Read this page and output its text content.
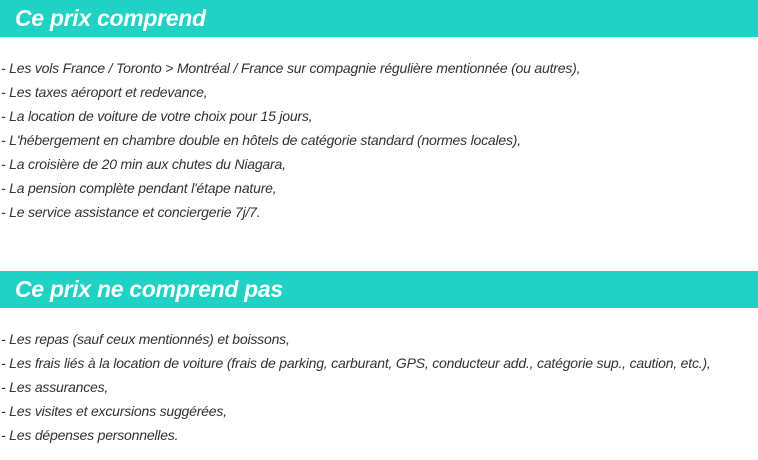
Ce prix comprend
- Les vols France / Toronto > Montréal / France sur compagnie régulière mentionnée (ou autres),
- Les taxes aéroport et redevance,
- La location de voiture de votre choix pour 15 jours,
- L'hébergement en chambre double en hôtels de catégorie standard (normes locales),
- La croisière de 20 min aux chutes du Niagara,
- La pension complète pendant l'étape nature,
- Le service assistance et conciergerie 7j/7.
Ce prix ne comprend pas
- Les repas (sauf ceux mentionnés) et boissons,
- Les frais liés à la location de voiture (frais de parking, carburant, GPS, conducteur add., catégorie sup., caution, etc.),
- Les assurances,
- Les visites et excursions suggérées,
- Les dépenses personnelles.
